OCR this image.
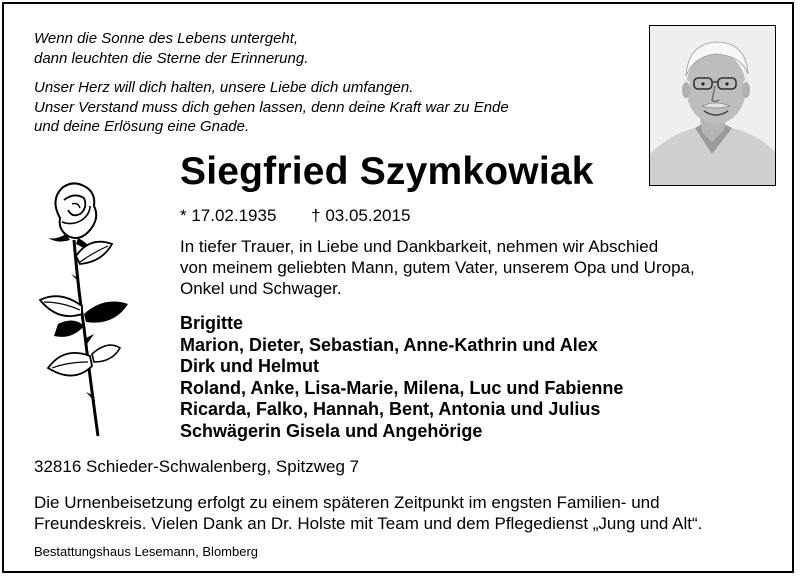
Wenn die Sonne des Lebens untergeht,
dann leuchten die Sterne der Erinnerung.
Unser Herz will dich halten, unsere Liebe dich umfangen.
Unser Verstand muss dich gehen lassen, denn deine Kraft war zu Ende
und deine Erlösung eine Gnade.
Siegfried Szymkowiak
* 17.02.1935 † 03.05.2015
In tiefer Trauer, in Liebe und Dankbarkeit, nehmen wir Abschied
von meinem geliebten Mann, gutem Vater, unserem Opa und Uropa,
Onkel und Schwager.
Brigitte
Marion, Dieter, Sebastian, Anne-Kathrin und Alex
Dirk und Helmut
Roland, Anke, Lisa-Marie, Milena, Luc und Fabienne
Ricarda, Falko, Hannah, Bent, Antonia und Julius
Schwägerin Gisela und Angehörige
32816 Schieder-Schwalenberg, Spitzweg 7
Die Urnenbeisetzung erfolgt zu einem späteren Zeitpunkt im engsten Familien- und
Freundeskreis. Vielen Dank an Dr. Holste mit Team und dem Pflegedienst „Jung und Alt“.
Bestattungshaus Lesemann, Blomberg
